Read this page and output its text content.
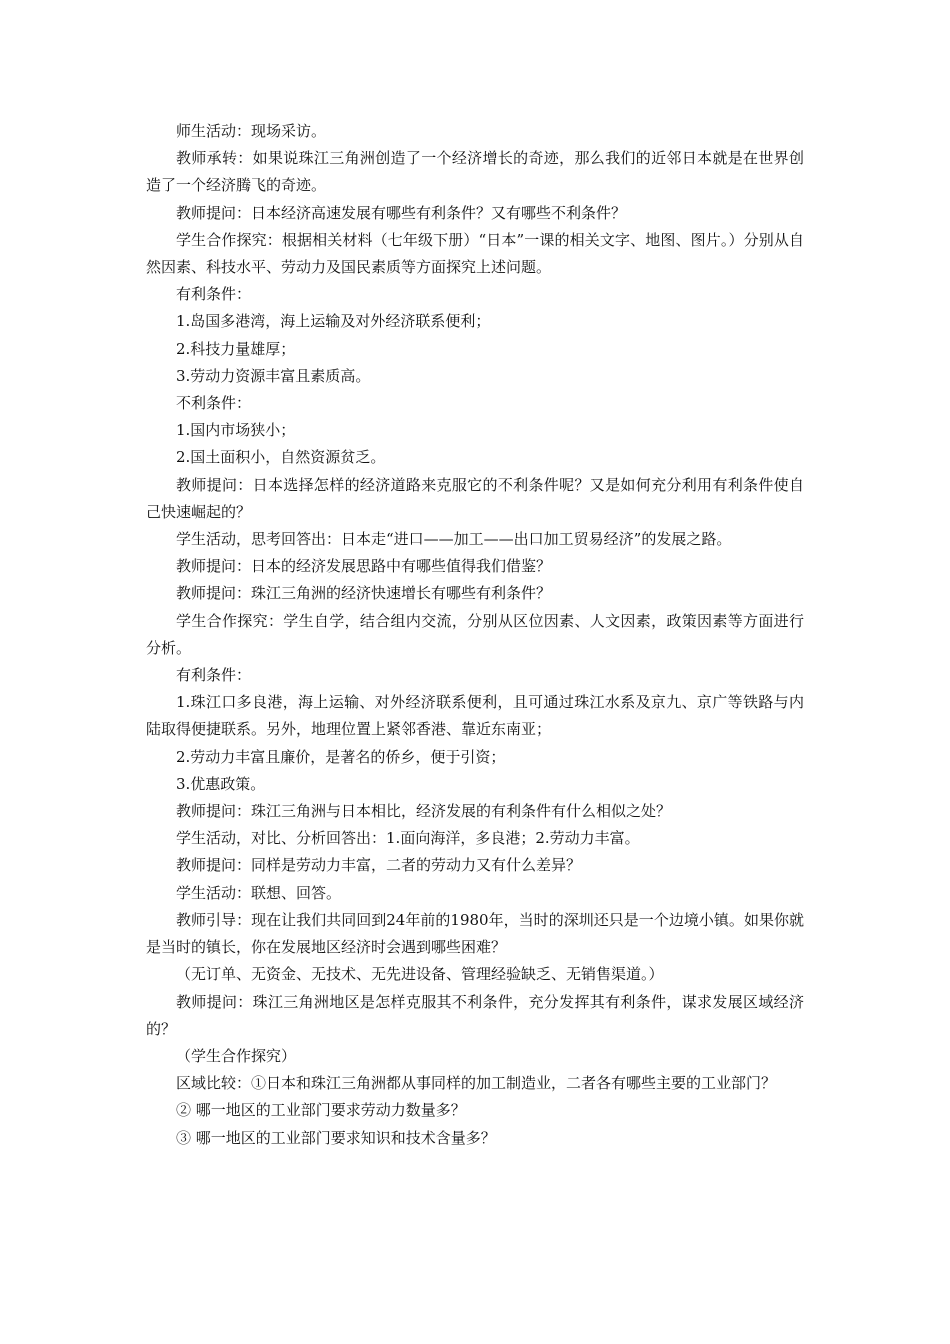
师生活动：现场采访。

教师承转：如果说珠江三角洲创造了一个经济增长的奇迹，那么我们的近邻日本就是在世界创造了一个经济腾飞的奇迹。

教师提问：日本经济高速发展有哪些有利条件？又有哪些不利条件？

学生合作探究：根据相关材料（七年级下册）“日本”一课的相关文字、地图、图片。）分别从自然因素、科技水平、劳动力及国民素质等方面探究上述问题。

有利条件：

1.岛国多港湾，海上运输及对外经济联系便利；

2.科技力量雄厚；

3.劳动力资源丰富且素质高。

不利条件：

1.国内市场狭小；

2.国土面积小，自然资源贫乏。

教师提问：日本选择怎样的经济道路来克服它的不利条件呢？又是如何充分利用有利条件使自己快速崛起的？

学生活动，思考回答出：日本走“进口——加工——出口加工贸易经济”的发展之路。

教师提问：日本的经济发展思路中有哪些值得我们借鉴？

教师提问：珠江三角洲的经济快速增长有哪些有利条件？

学生合作探究：学生自学，结合组内交流，分别从区位因素、人文因素，政策因素等方面进行分析。

有利条件：

1.珠江口多良港，海上运输、对外经济联系便利，且可通过珠江水系及京九、京广等铁路与内陆取得便捷联系。另外，地理位置上紧邻香港、靠近东南亚；

2.劳动力丰富且廉价，是著名的侨乡，便于引资；

3.优惠政策。

教师提问：珠江三角洲与日本相比，经济发展的有利条件有什么相似之处？

学生活动，对比、分析回答出：1.面向海洋，多良港；2.劳动力丰富。

教师提问：同样是劳动力丰富，二者的劳动力又有什么差异？

学生活动：联想、回答。

教师引导：现在让我们共同回到24年前的1980年，当时的深圳还只是一个边境小镇。如果你就是当时的镇长，你在发展地区经济时会遇到哪些困难？

（无订单、无资金、无技术、无先进设备、管理经验缺乏、无销售渠道。）

教师提问：珠江三角洲地区是怎样克服其不利条件，充分发挥其有利条件，谋求发展区域经济的？

（学生合作探究）

区域比较：①日本和珠江三角洲都从事同样的加工制造业，二者各有哪些主要的工业部门？

② 哪一地区的工业部门要求劳动力数量多？

③ 哪一地区的工业部门要求知识和技术含量多？
